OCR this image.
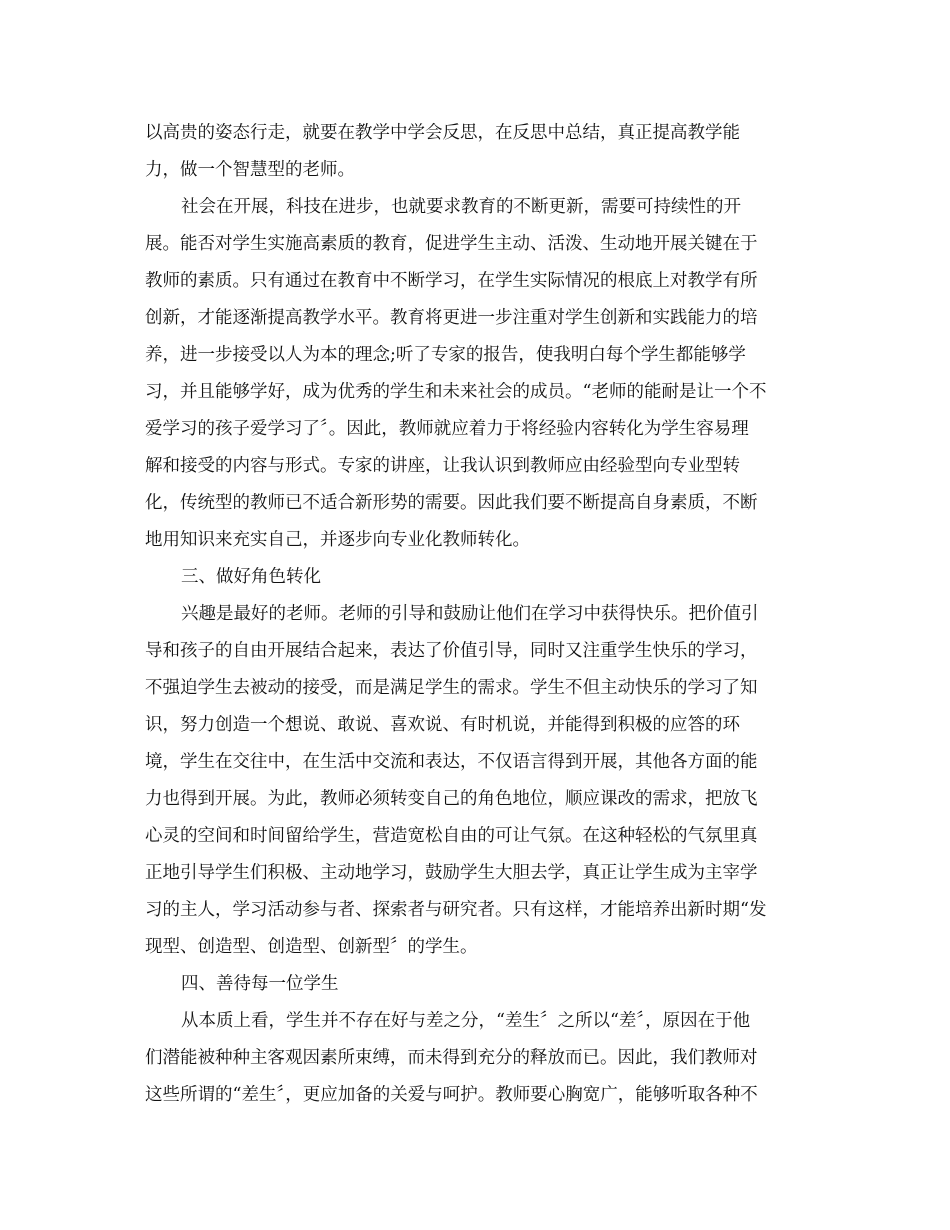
以高贵的姿态行走，就要在教学中学会反思，在反思中总结，真正提高教学能
力，做一个智慧型的老师。
社会在开展，科技在进步，也就要求教育的不断更新，需要可持续性的开
展。能否对学生实施高素质的教育，促进学生主动、活泼、生动地开展关键在于
教师的素质。只有通过在教育中不断学习，在学生实际情况的根底上对教学有所
创新，才能逐渐提高教学水平。教育将更进一步注重对学生创新和实践能力的培
养，进一步接受以人为本的理念;听了专家的报告，使我明白每个学生都能够学
习，并且能够学好，成为优秀的学生和未来社会的成员。“老师的能耐是让一个不
爱学习的孩子爱学习了〞。因此，教师就应着力于将经验内容转化为学生容易理
解和接受的内容与形式。专家的讲座，让我认识到教师应由经验型向专业型转
化，传统型的教师已不适合新形势的需要。因此我们要不断提高自身素质，不断
地用知识来充实自己，并逐步向专业化教师转化。
三、做好角色转化
兴趣是最好的老师。老师的引导和鼓励让他们在学习中获得快乐。把价值引
导和孩子的自由开展结合起来，表达了价值引导，同时又注重学生快乐的学习，
不强迫学生去被动的接受，而是满足学生的需求。学生不但主动快乐的学习了知
识，努力创造一个想说、敢说、喜欢说、有时机说，并能得到积极的应答的环
境，学生在交往中，在生活中交流和表达，不仅语言得到开展，其他各方面的能
力也得到开展。为此，教师必须转变自己的角色地位，顺应课改的需求，把放飞
心灵的空间和时间留给学生，营造宽松自由的可让气氛。在这种轻松的气氛里真
正地引导学生们积极、主动地学习，鼓励学生大胆去学，真正让学生成为主宰学
习的主人，学习活动参与者、探索者与研究者。只有这样，才能培养出新时期“发
现型、创造型、创造型、创新型〞的学生。
四、善待每一位学生
从本质上看，学生并不存在好与差之分，“差生〞之所以“差〞，原因在于他
们潜能被种种主客观因素所束缚，而未得到充分的释放而已。因此，我们教师对
这些所谓的“差生〞，更应加备的关爱与呵护。教师要心胸宽广，能够听取各种不
